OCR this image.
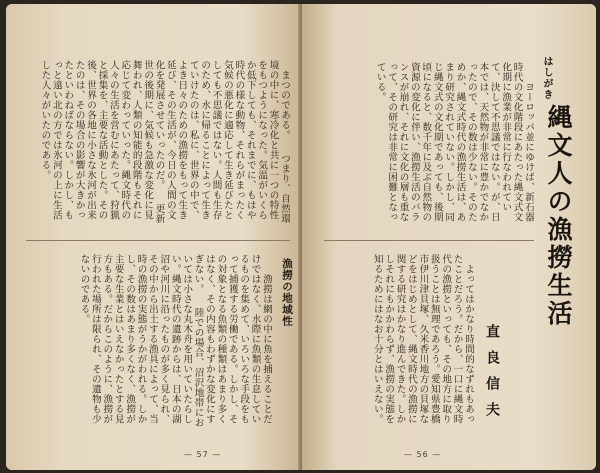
まつのである。 　つまり、自然環境の中に、寒冷化と共に一つの特性をもつようになった。気温がいくらか低下しても、それまでに、もはや時代の様な動物、それらがまったく気候の悪化に適応して生き延びたとしても不思議ではない。人間も生存のため、水に帰ることによって生きていけたのは、私に、世界の中で、よき日々のための漁撈をもって生き延び、その生活が、今日の人間の文化を発展させていったのだ。 　更新世の後期に、気候も急激な変化に見舞われ、人類の知能的段階もそれに応じて変わっていった。縄文時代の人々の生活を営むにあたって、狩猟と採集を、主要な活動とした。その後、世界の各地に小さな氷河が出来たのは、その場合の影響が大きかったといわねばならない。しかし、もっと遠い北の方では氷河の上に生活した人々がいたのである。

漁撈の地域性

　漁撈は網の中に魚を捕えることだけではなく、水際に魚類の生息しているものを集めて、いろいろな手段をもって捕獲する労働である。しかし、その対象となる魚類の種類はあまり多くはなく、その内容もわずかな変化にすぎない。 　陸での場合、沼沢地帯においては小さな丸木舟を用いていたらしい。縄文時代の遺跡からは、日本の湖沼や河川に沿ったものが多く見られ、その中から出土する漁具によって、当時の漁撈の実態がうかがわれる。しかし、その数はあまり多くなく、漁撈が主要な生業とはいえなかったとする見方もある。だからこのように、漁撈が行われた場所は限られ、その遺物も少ないのである。

— 57 —
はしがき

　ヨーロッパ並にゆけば、新石器時代の文化階段にあたった縄文式文化期に漁業が非常に行なわれていて、決して不思議ではない。が、日本では、天然物が非常に豊かでなかったので、その数は少ない。そのためか、縄文式時代の漁撈生活は、あまり研究されていない。しかし、同じ縄文式の文化期であっても、後期頃になると、数千年に及ぶ自然物の資源の変化に伴い、漁撈生活のバランスが崩れ、それに文化の層も重なって、その研究は非常に困難となっている。

縄文人の漁撈生活

よってはかなり時間的なずれもあったことだろう。だから、一口に縄文時代の漁撈といっても、その地方に取り扱うことは無理であろう。愛知県豊橋市伊川津貝塚、久米香川地方の貝塚などをはじめとして、縄文時代の漁撈に関する研究はかなり進んできた。しかしそれにもかかわらず、漁撈の実態を知るためにはなお十分とはいえない。	直良信夫
— 56 —
